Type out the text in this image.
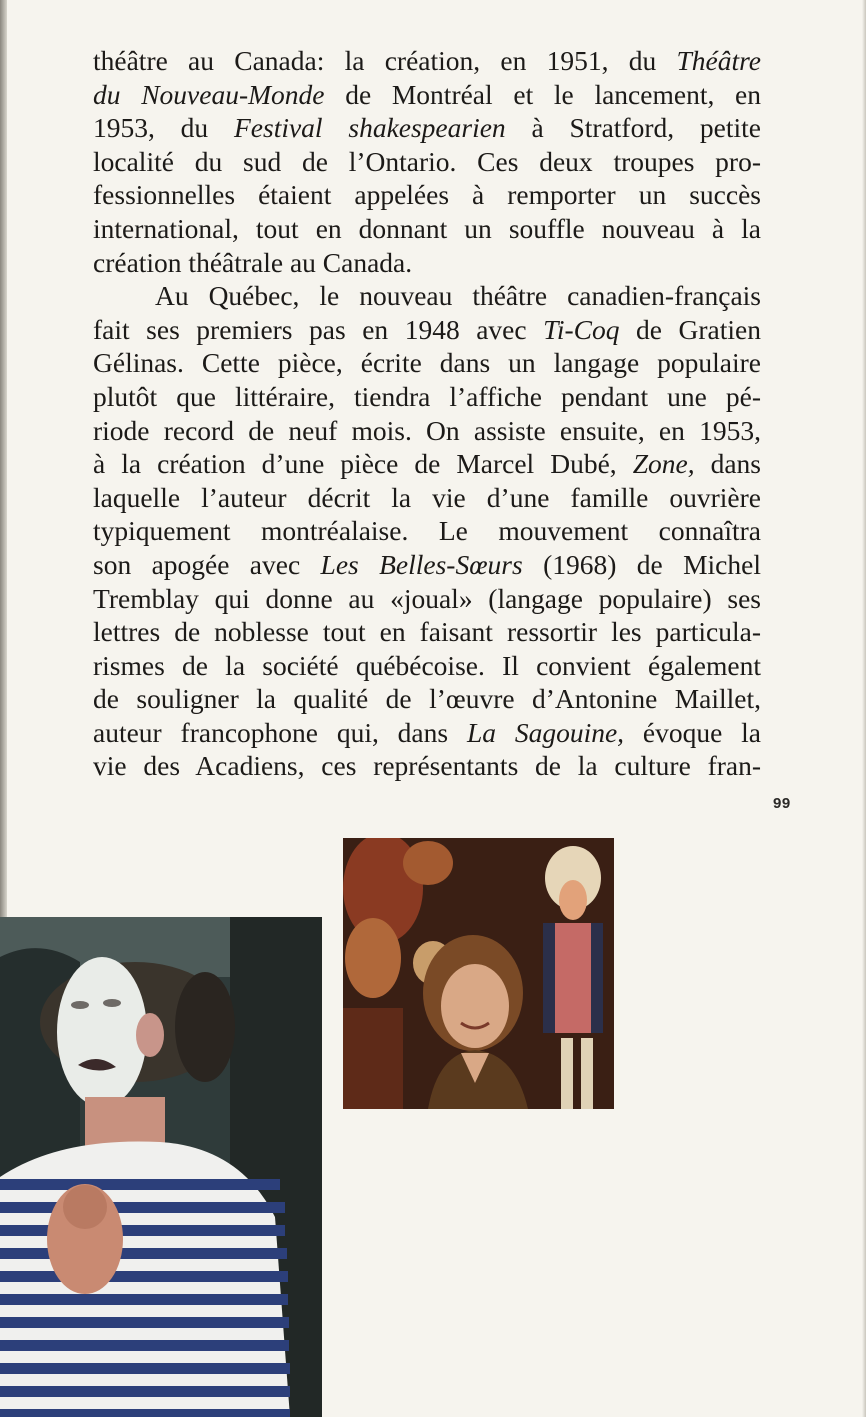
théâtre au Canada: la création, en 1951, du Théâtre
du Nouveau-Monde de Montréal et le lancement, en
1953, du Festival shakespearien à Stratford, petite
localité du sud de l’Ontario. Ces deux troupes pro-
fessionnelles étaient appelées à remporter un succès
international, tout en donnant un souffle nouveau à la
création théâtrale au Canada.
Au Québec, le nouveau théâtre canadien-français
fait ses premiers pas en 1948 avec Ti-Coq de Gratien
Gélinas. Cette pièce, écrite dans un langage populaire
plutôt que littéraire, tiendra l’affiche pendant une pé-
riode record de neuf mois. On assiste ensuite, en 1953,
à la création d’une pièce de Marcel Dubé, Zone, dans
laquelle l’auteur décrit la vie d’une famille ouvrière
typiquement montréalaise. Le mouvement connaîtra
son apogée avec Les Belles-Sœurs (1968) de Michel
Tremblay qui donne au «joual» (langage populaire) ses
lettres de noblesse tout en faisant ressortir les particula-
rismes de la société québécoise. Il convient également
de souligner la qualité de l’œuvre d’Antonine Maillet,
auteur francophone qui, dans La Sagouine, évoque la
vie des Acadiens, ces représentants de la culture fran-
99
